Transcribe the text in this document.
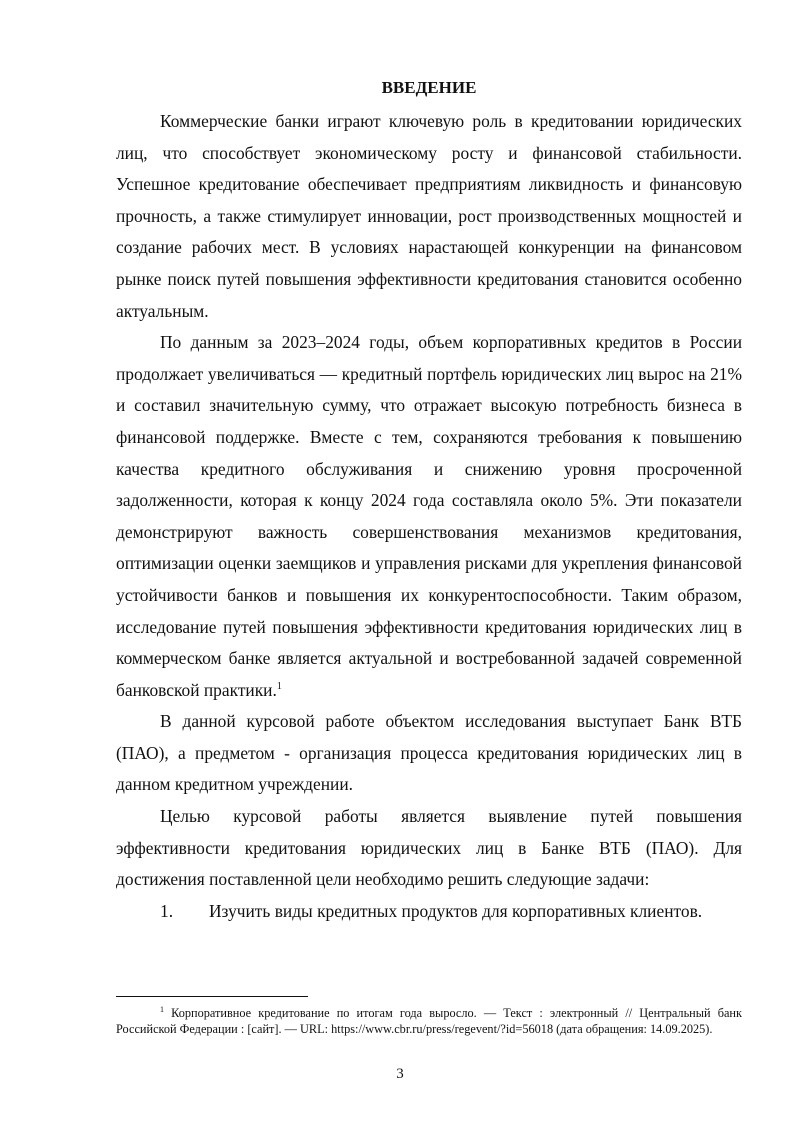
ВВЕДЕНИЕ

Коммерческие банки играют ключевую роль в кредитовании юридических лиц, что способствует экономическому росту и финансовой стабильности. Успешное кредитование обеспечивает предприятиям ликвидность и финансовую прочность, а также стимулирует инновации, рост производственных мощностей и создание рабочих мест. В условиях нарастающей конкуренции на финансовом рынке поиск путей повышения эффективности кредитования становится особенно актуальным.

По данным за 2023–2024 годы, объем корпоративных кредитов в России продолжает увеличиваться — кредитный портфель юридических лиц вырос на 21% и составил значительную сумму, что отражает высокую потребность бизнеса в финансовой поддержке. Вместе с тем, сохраняются требования к повышению качества кредитного обслуживания и снижению уровня просроченной задолженности, которая к концу 2024 года составляла около 5%. Эти показатели демонстрируют важность совершенствования механизмов кредитования, оптимизации оценки заемщиков и управления рисками для укрепления финансовой устойчивости банков и повышения их конкурентоспособности. Таким образом, исследование путей повышения эффективности кредитования юридических лиц в коммерческом банке является актуальной и востребованной задачей современной банковской практики.$^1$

В данной курсовой работе объектом исследования выступает Банк ВТБ (ПАО), а предметом - организация процесса кредитования юридических лиц в данном кредитном учреждении.

Целью курсовой работы является выявление путей повышения эффективности кредитования юридических лиц в Банке ВТБ (ПАО). Для достижения поставленной цели необходимо решить следующие задачи:

1. Изучить виды кредитных продуктов для корпоративных клиентов.
$^1$ Корпоративное кредитование по итогам года выросло. — Текст : электронный // Центральный банк Российской Федерации : [сайт]. — URL: https://www.cbr.ru/press/regevent/?id=56018 (дата обращения: 14.09.2025).
3
